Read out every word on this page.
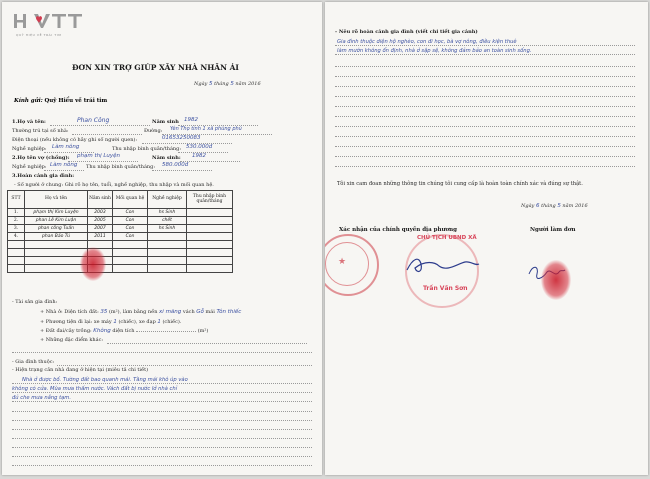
QUỸ HIỆU VỀ TRÁI TIM
ĐƠN XIN TRỢ GIÚP XÂY NHÀ NHÂN ÁI
Ngày 5 tháng 5 năm 2016
Kính gửi: Quỹ Hiểu về trái tim
1.Họ và tên:	Phan Công	Năm sinh 1982
Thường trú tại số nhà:	Đường: Yên Thọ tỉnh 1 xã phùng phú
Điện thoại (nếu không có hãy ghi số người quen):	01653250083
Nghề nghiệp: Làm nông	Thu nhập bình quân/tháng: 530.000đ
2.Họ tên vợ (chồng): phạm thị Luyện	Năm sinh: 1982
Nghề nghiệp: Làm nông Thu nhập bình quân/tháng: 580.000đ
3.Hoàn cảnh gia đình:
- Số người ở chung: Ghi rõ họ tên, tuổi, nghề nghiệp, thu nhập và mối quan hệ.
STT	Họ và tên	Năm sinh	Mối quan hệ	Nghề nghiệp	Thu nhập bình quân/tháng
1.	phạm thị Kim Luyện	2003	Con	hs Sinh	
2.	phan Lê Kim Luận	2005	Con	chết	
3.	phan công Tuấn	2007	Con	hs Sinh	
4.	phan Bảo Tú	2011	Con		

- Tài sản gia đình:
+ Nhà ở: Diện tích đất: 35 (m²), làm bằng nền xi măng vách Gỗ mái Tôn thiếc
+ Phương tiện đi lại: xe máy 1 (chiếc), xe đạp 1 (chiếc).
+ Đất đai/cây trồng: Không diện tích	(m²)
+ Những đặc điểm khác:
- Gia đình thuộc:
- Hiện trạng căn nhà đang ở hiện tại (miêu tả chi tiết)
Nhà ở được bố. Tường đất bao quanh mái. Tầng mái khô úp vào
không có cửa. Mùa mưa thấm nước. Vách đất bị nước lở nhà chỉ
đủ che mưa nắng tạm.
- Nêu rõ hoàn cảnh gia đình (viết chi tiết gia cảnh)
Gia đình thuộc diện hộ nghèo, con đi học, bà vợ nông, điều kiện thuê
làm mướn không ổn định, nhà ở sập sệ, không đảm bảo an toàn sinh sống.
Tôi xin cam đoan những thông tin chúng tôi cung cấp là hoàn toàn chính xác và đúng sự thật.
Ngày 6 tháng 5 năm 2016
Xác nhận của chính quyền địa phương	Người làm đơn
★
CHỦ TỊCH UBND XÃ
Trần Văn Sơn
